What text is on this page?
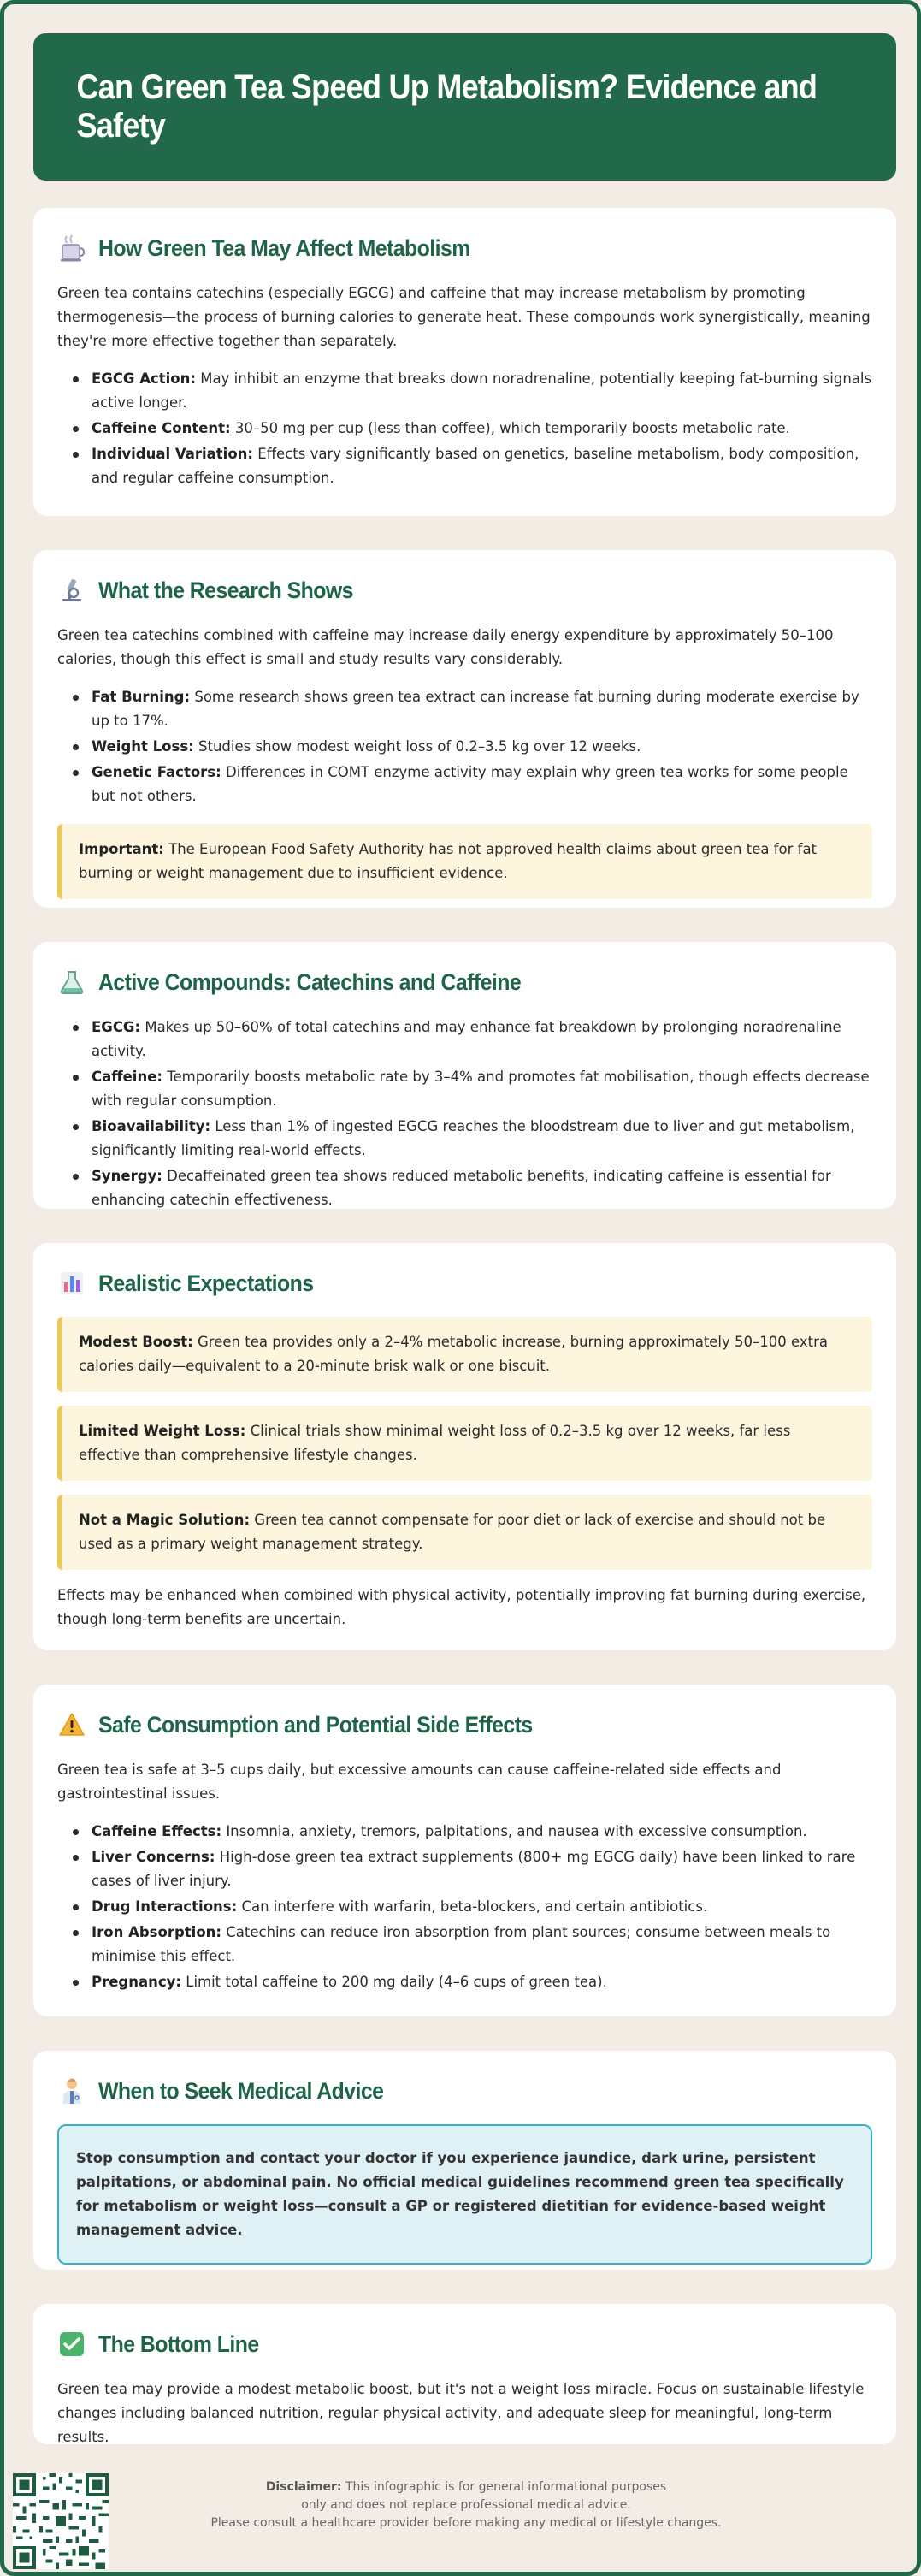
Can Green Tea Speed Up Metabolism? Evidence and Safety
How Green Tea May Affect Metabolism

Green tea contains catechins (especially EGCG) and caffeine that may increase metabolism by promoting thermogenesis—the process of burning calories to generate heat. These compounds work synergistically, meaning they're more effective together than separately.

EGCG Action: May inhibit an enzyme that breaks down noradrenaline, potentially keeping fat-burning signals active longer.
Caffeine Content: 30–50 mg per cup (less than coffee), which temporarily boosts metabolic rate.
Individual Variation: Effects vary significantly based on genetics, baseline metabolism, body composition, and regular caffeine consumption.
What the Research Shows

Green tea catechins combined with caffeine may increase daily energy expenditure by approximately 50–100 calories, though this effect is small and study results vary considerably.

Fat Burning: Some research shows green tea extract can increase fat burning during moderate exercise by up to 17%.
Weight Loss: Studies show modest weight loss of 0.2–3.5 kg over 12 weeks.
Genetic Factors: Differences in COMT enzyme activity may explain why green tea works for some people but not others.
Important: The European Food Safety Authority has not approved health claims about green tea for fat burning or weight management due to insufficient evidence.
Active Compounds: Catechins and Caffeine
EGCG: Makes up 50–60% of total catechins and may enhance fat breakdown by prolonging noradrenaline activity.
Caffeine: Temporarily boosts metabolic rate by 3–4% and promotes fat mobilisation, though effects decrease with regular consumption.
Bioavailability: Less than 1% of ingested EGCG reaches the bloodstream due to liver and gut metabolism, significantly limiting real-world effects.
Synergy: Decaffeinated green tea shows reduced metabolic benefits, indicating caffeine is essential for enhancing catechin effectiveness.
Realistic Expectations
Modest Boost: Green tea provides only a 2–4% metabolic increase, burning approximately 50–100 extra calories daily—equivalent to a 20-minute brisk walk or one biscuit.
Limited Weight Loss: Clinical trials show minimal weight loss of 0.2–3.5 kg over 12 weeks, far less effective than comprehensive lifestyle changes.
Not a Magic Solution: Green tea cannot compensate for poor diet or lack of exercise and should not be used as a primary weight management strategy.

Effects may be enhanced when combined with physical activity, potentially improving fat burning during exercise, though long-term benefits are uncertain.

Safe Consumption and Potential Side Effects

Green tea is safe at 3–5 cups daily, but excessive amounts can cause caffeine-related side effects and gastrointestinal issues.

Caffeine Effects: Insomnia, anxiety, tremors, palpitations, and nausea with excessive consumption.
Liver Concerns: High-dose green tea extract supplements (800+ mg EGCG daily) have been linked to rare cases of liver injury.
Drug Interactions: Can interfere with warfarin, beta-blockers, and certain antibiotics.
Iron Absorption: Catechins can reduce iron absorption from plant sources; consume between meals to minimise this effect.
Pregnancy: Limit total caffeine to 200 mg daily (4–6 cups of green tea).
When to Seek Medical Advice
Stop consumption and contact your doctor if you experience jaundice, dark urine, persistent palpitations, or abdominal pain. No official medical guidelines recommend green tea specifically for metabolism or weight loss—consult a GP or registered dietitian for evidence-based weight management advice.
The Bottom Line

Green tea may provide a modest metabolic boost, but it's not a weight loss miracle. Focus on sustainable lifestyle changes including balanced nutrition, regular physical activity, and adequate sleep for meaningful, long-term results.

Disclaimer: This infographic is for general informational purposes
only and does not replace professional medical advice.
Please consult a healthcare provider before making any medical or lifestyle changes.
